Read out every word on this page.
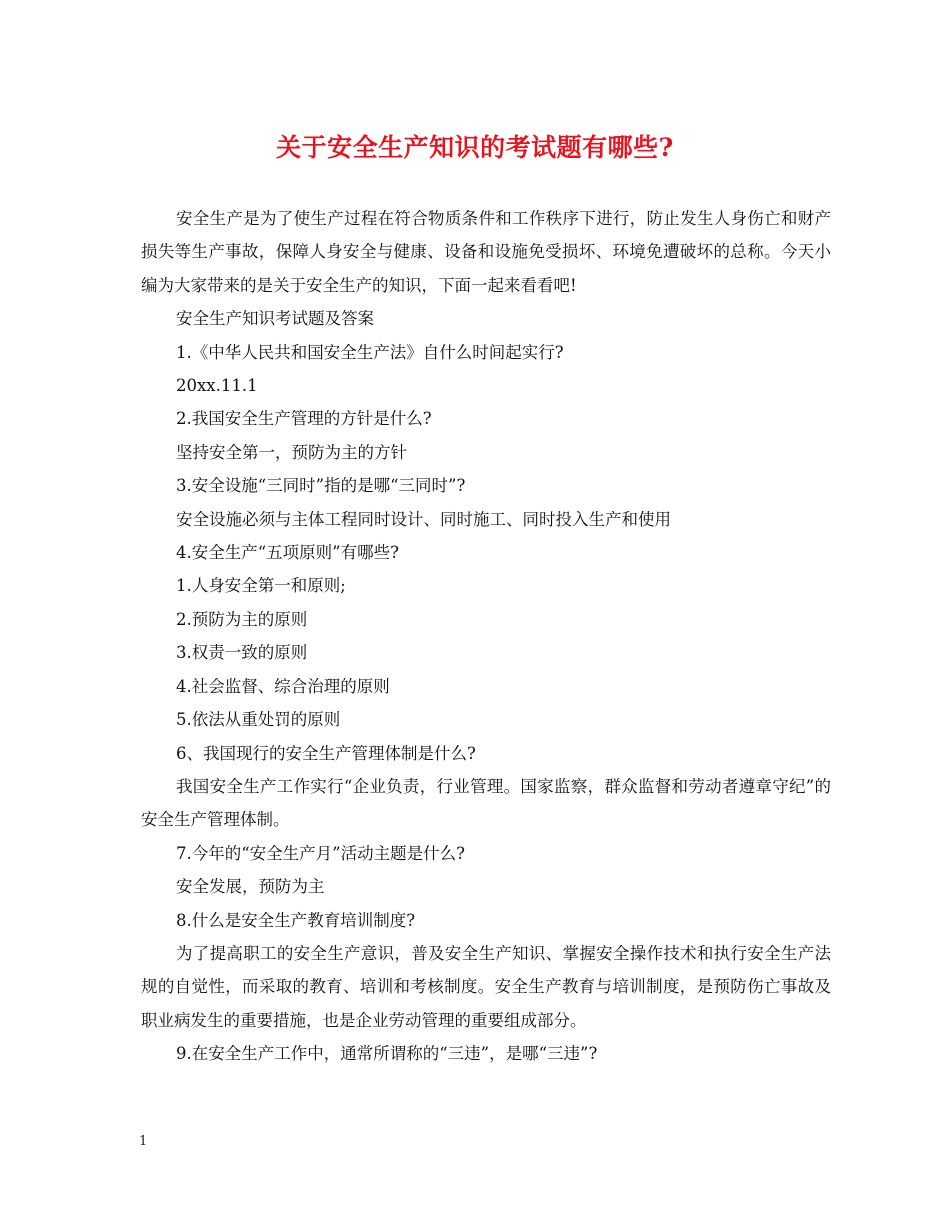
关于安全生产知识的考试题有哪些?

安全生产是为了使生产过程在符合物质条件和工作秩序下进行，防止发生人身伤亡和财产损失等生产事故，保障人身安全与健康、设备和设施免受损坏、环境免遭破坏的总称。今天小编为大家带来的是关于安全生产的知识，下面一起来看看吧!

安全生产知识考试题及答案

1.《中华人民共和国安全生产法》自什么时间起实行?

20xx.11.1

2.我国安全生产管理的方针是什么?

坚持安全第一，预防为主的方针

3.安全设施“三同时”指的是哪“三同时”?

安全设施必须与主体工程同时设计、同时施工、同时投入生产和使用

4.安全生产“五项原则”有哪些?

1.人身安全第一和原则;

2.预防为主的原则

3.权责一致的原则

4.社会监督、综合治理的原则

5.依法从重处罚的原则

6、我国现行的安全生产管理体制是什么?

我国安全生产工作实行“企业负责，行业管理。国家监察，群众监督和劳动者遵章守纪”的安全生产管理体制。

7.今年的“安全生产月”活动主题是什么?

安全发展，预防为主

8.什么是安全生产教育培训制度?

为了提高职工的安全生产意识，普及安全生产知识、掌握安全操作技术和执行安全生产法规的自觉性，而采取的教育、培训和考核制度。安全生产教育与培训制度，是预防伤亡事故及职业病发生的重要措施，也是企业劳动管理的重要组成部分。

9.在安全生产工作中，通常所谓称的“三违”，是哪“三违”?

1
